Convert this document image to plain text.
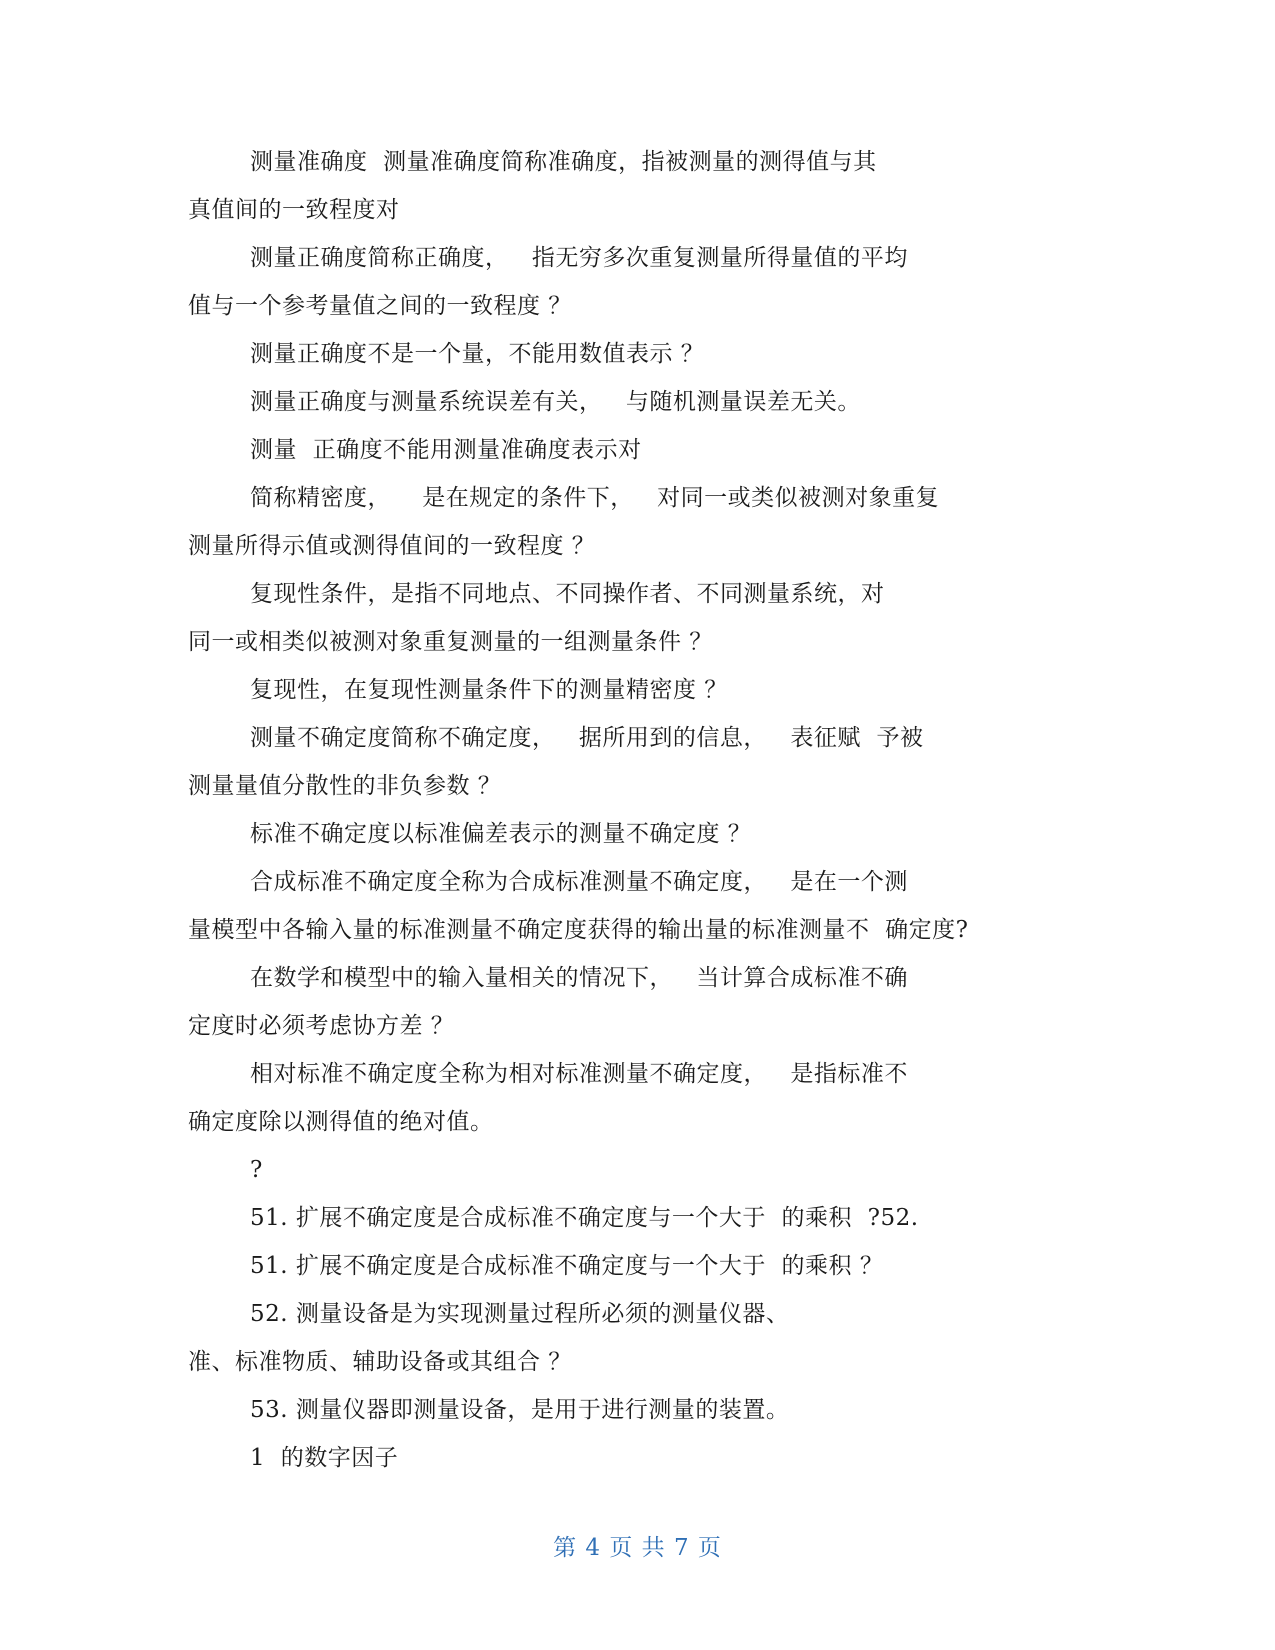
测量准确度  测量准确度简称准确度，指被测量的测得值与其
真值间的一致程度对
测量正确度简称正确度，   指无穷多次重复测量所得量值的平均
值与一个参考量值之间的一致程度 ？
测量正确度不是一个量，不能用数值表示 ？
测量正确度与测量系统误差有关，   与随机测量误差无关。
测量  正确度不能用测量准确度表示对
简称精密度，    是在规定的条件下，   对同一或类似被测对象重复
测量所得示值或测得值间的一致程度 ？
复现性条件，是指不同地点、不同操作者、不同测量系统，对
同一或相类似被测对象重复测量的一组测量条件 ？
复现性，在复现性测量条件下的测量精密度 ？
测量不确定度简称不确定度，   据所用到的信息，   表征赋  予被
测量量值分散性的非负参数 ？
标准不确定度以标准偏差表示的测量不确定度 ？
合成标准不确定度全称为合成标准测量不确定度，   是在一个测
量模型中各输入量的标准测量不确定度获得的输出量的标准测量不  确定度?
在数学和模型中的输入量相关的情况下，   当计算合成标准不确
定度时必须考虑协方差 ？
相对标准不确定度全称为相对标准测量不确定度，   是指标准不
确定度除以测得值的绝对值。
?
51. 扩展不确定度是合成标准不确定度与一个大于  的乘积  ?52.
51. 扩展不确定度是合成标准不确定度与一个大于  的乘积 ？
52. 测量设备是为实现测量过程所必须的测量仪器、
准、标准物质、辅助设备或其组合 ？
53. 测量仪器即测量设备，是用于进行测量的装置。
1  的数字因子
第 4 页 共 7 页
